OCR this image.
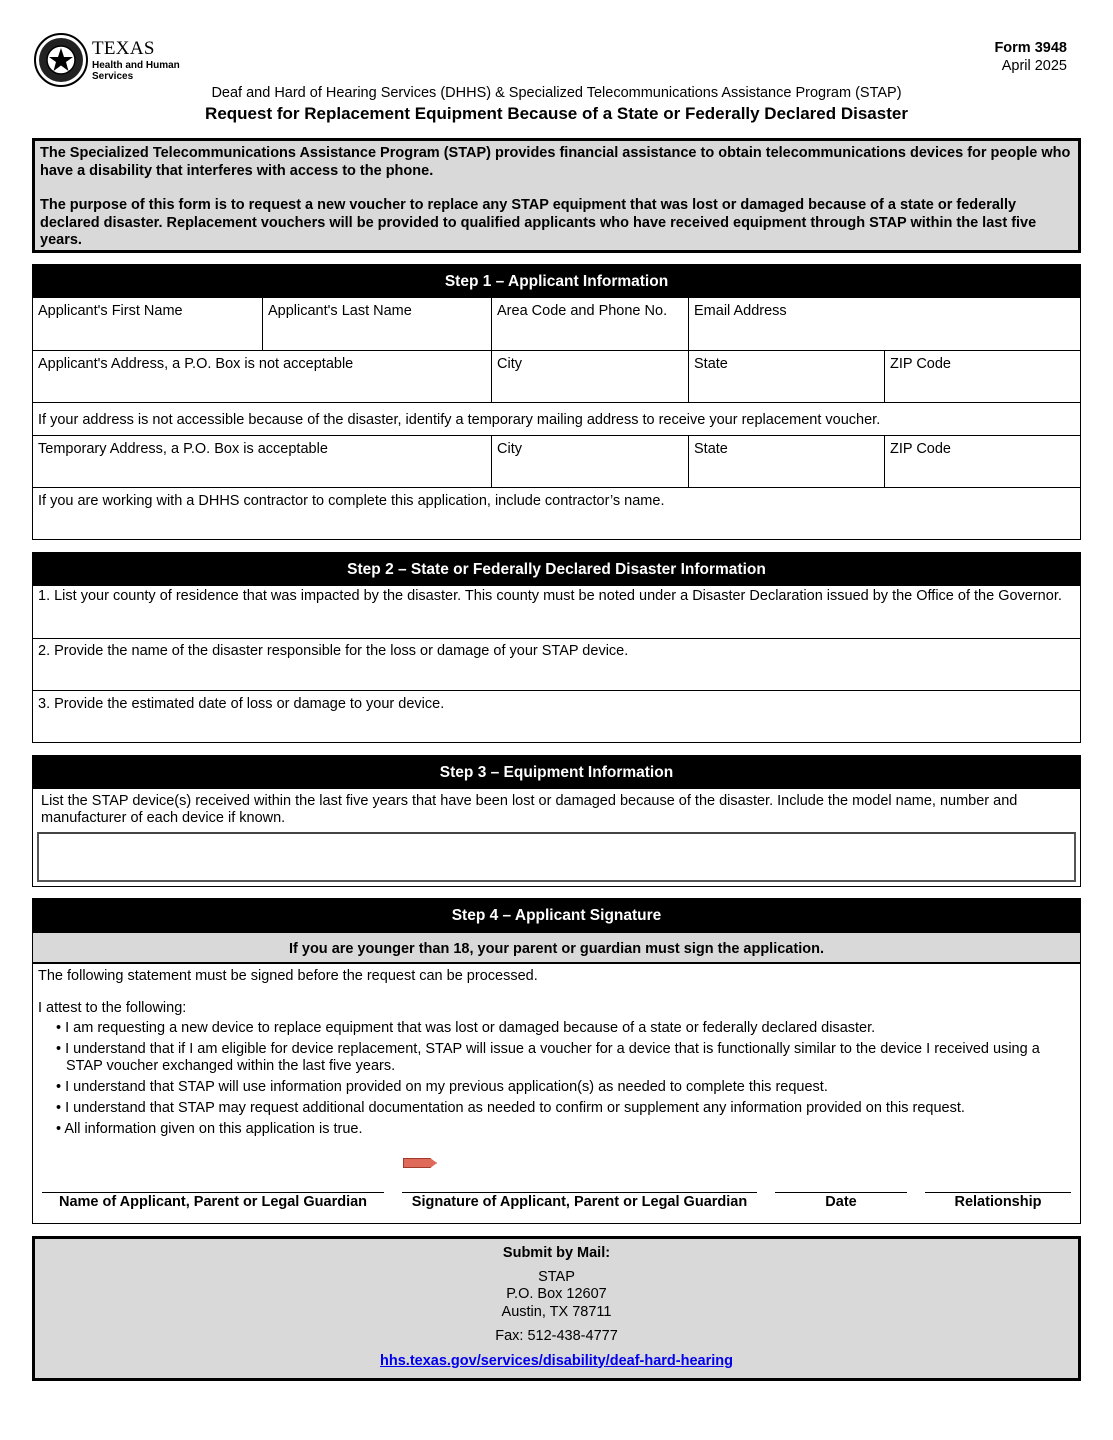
TEXAS
Health and Human
Services
Form 3948
April 2025
Deaf and Hard of Hearing Services (DHHS) & Specialized Telecommunications Assistance Program (STAP)
Request for Replacement Equipment Because of a State or Federally Declared Disaster

The Specialized Telecommunications Assistance Program (STAP) provides financial assistance to obtain telecommunications devices for people who have a disability that interferes with access to the phone.

The purpose of this form is to request a new voucher to replace any STAP equipment that was lost or damaged because of a state or federally declared disaster. Replacement vouchers will be provided to qualified applicants who have received equipment through STAP within the last five years.

Step 1 – Applicant Information
Applicant's First Name	Applicant's Last Name	Area Code and Phone No.	Email Address
Applicant's Address, a P.O. Box is not acceptable	City	State	ZIP Code
If your address is not accessible because of the disaster, identify a temporary mailing address to receive your replacement voucher.
Temporary Address, a P.O. Box is acceptable	City	State	ZIP Code
If you are working with a DHHS contractor to complete this application, include contractor’s name.
Step 2 – State or Federally Declared Disaster Information
1. List your county of residence that was impacted by the disaster. This county must be noted under a Disaster Declaration issued by the Office of the Governor.
2. Provide the name of the disaster responsible for the loss or damage of your STAP device.
3. Provide the estimated date of loss or damage to your device.
Step 3 – Equipment Information
List the STAP device(s) received within the last five years that have been lost or damaged because of the disaster. Include the model name, number and manufacturer of each device if known.
Step 4 – Applicant Signature
If you are younger than 18, your parent or guardian must sign the application.

The following statement must be signed before the request can be processed.

I attest to the following:

• I am requesting a new device to replace equipment that was lost or damaged because of a state or federally declared disaster.
• I understand that if I am eligible for device replacement, STAP will issue a voucher for a device that is functionally similar to the device I received using a STAP voucher exchanged within the last five years.
• I understand that STAP will use information provided on my previous application(s) as needed to complete this request.
• I understand that STAP may request additional documentation as needed to confirm or supplement any information provided on this request.
• All information given on this application is true.
Name of Applicant, Parent or Legal Guardian	Signature of Applicant, Parent or Legal Guardian	Date	Relationship
Submit by Mail:
STAP
P.O. Box 12607
Austin, TX 78711
Fax: 512-438-4777
hhs.texas.gov/services/disability/deaf-hard-hearing
